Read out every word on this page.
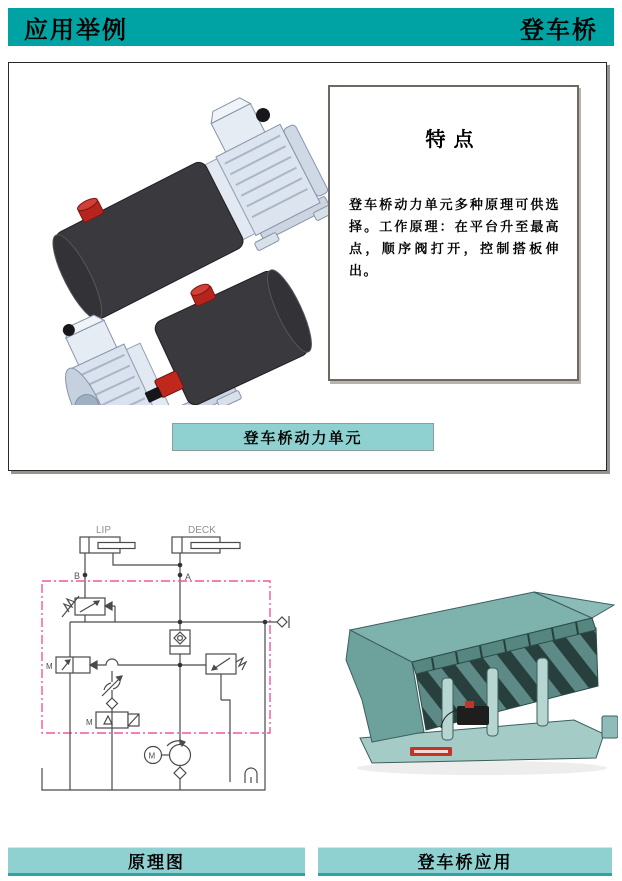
应用举例	登车桥
特点
登车桥动力单元多种原理可供选择。工作原理：在平台升至最高点，顺序阀打开，控制搭板伸出。
登车桥动力单元
LIP	DECK
B	A
M
M
M
原理图	登车桥应用
